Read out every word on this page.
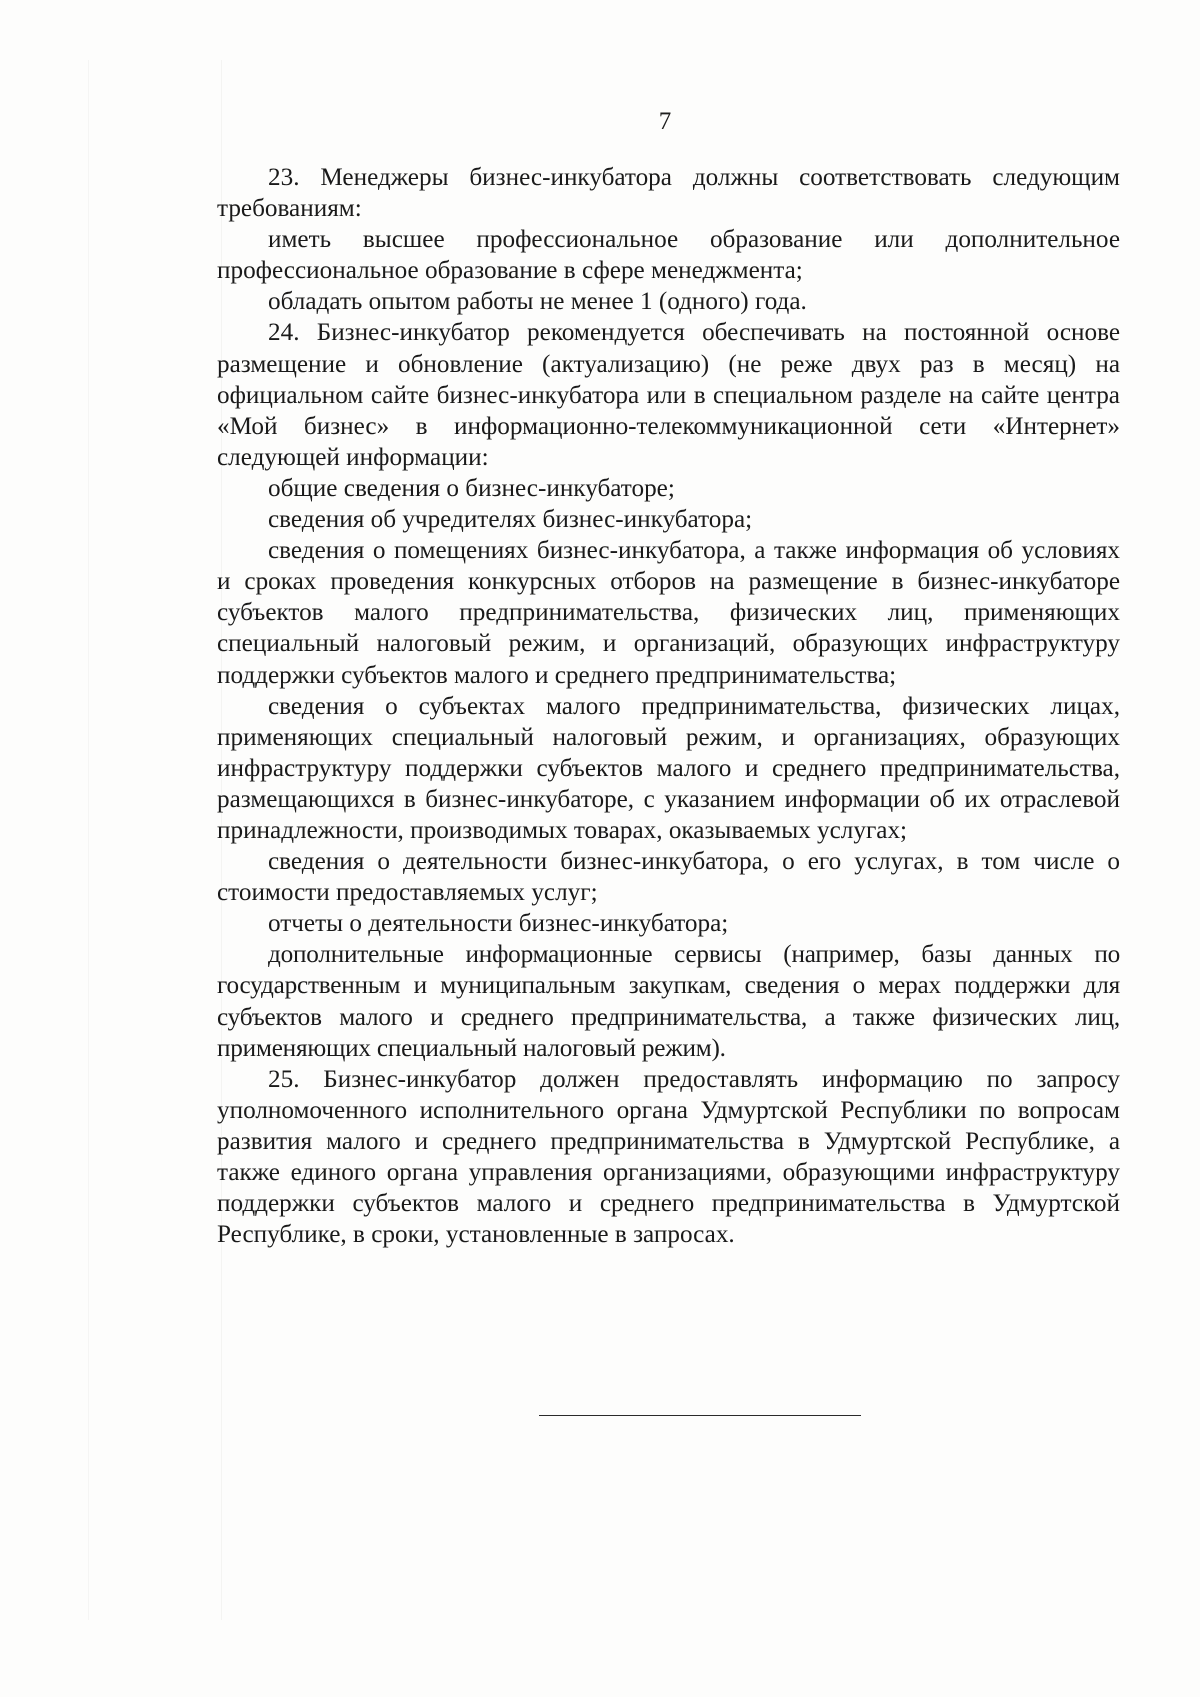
7

23. Менеджеры бизнес-инкубатора должны соответствовать следующим требованиям:

иметь высшее профессиональное образование или дополнительное профессиональное образование в сфере менеджмента;

обладать опытом работы не менее 1 (одного) года.

24. Бизнес-инкубатор рекомендуется обеспечивать на постоянной основе размещение и обновление (актуализацию) (не реже двух раз в месяц) на официальном сайте бизнес-инкубатора или в специальном разделе на сайте центра «Мой бизнес» в информационно-телекоммуникационной сети «Интернет» следующей информации:

общие сведения о бизнес-инкубаторе;

сведения об учредителях бизнес-инкубатора;

сведения о помещениях бизнес-инкубатора, а также информация об условиях и сроках проведения конкурсных отборов на размещение в бизнес-инкубаторе субъектов малого предпринимательства, физических лиц, применяющих специальный налоговый режим, и организаций, образующих инфраструктуру поддержки субъектов малого и среднего предпринимательства;

сведения о субъектах малого предпринимательства, физических лицах, применяющих специальный налоговый режим, и организациях, образующих инфраструктуру поддержки субъектов малого и среднего предпринимательства, размещающихся в бизнес-инкубаторе, с указанием информации об их отраслевой принадлежности, производимых товарах, оказываемых услугах;

сведения о деятельности бизнес-инкубатора, о его услугах, в том числе о стоимости предоставляемых услуг;

отчеты о деятельности бизнес-инкубатора;

дополнительные информационные сервисы (например, базы данных по государственным и муниципальным закупкам, сведения о мерах поддержки для субъектов малого и среднего предпринимательства, а также физических лиц, применяющих специальный налоговый режим).

25. Бизнес-инкубатор должен предоставлять информацию по запросу уполномоченного исполнительного органа Удмуртской Республики по вопросам развития малого и среднего предпринимательства в Удмуртской Республике, а также единого органа управления организациями, образующими инфраструктуру поддержки субъектов малого и среднего предпринимательства в Удмуртской Республике, в сроки, установленные в запросах.
